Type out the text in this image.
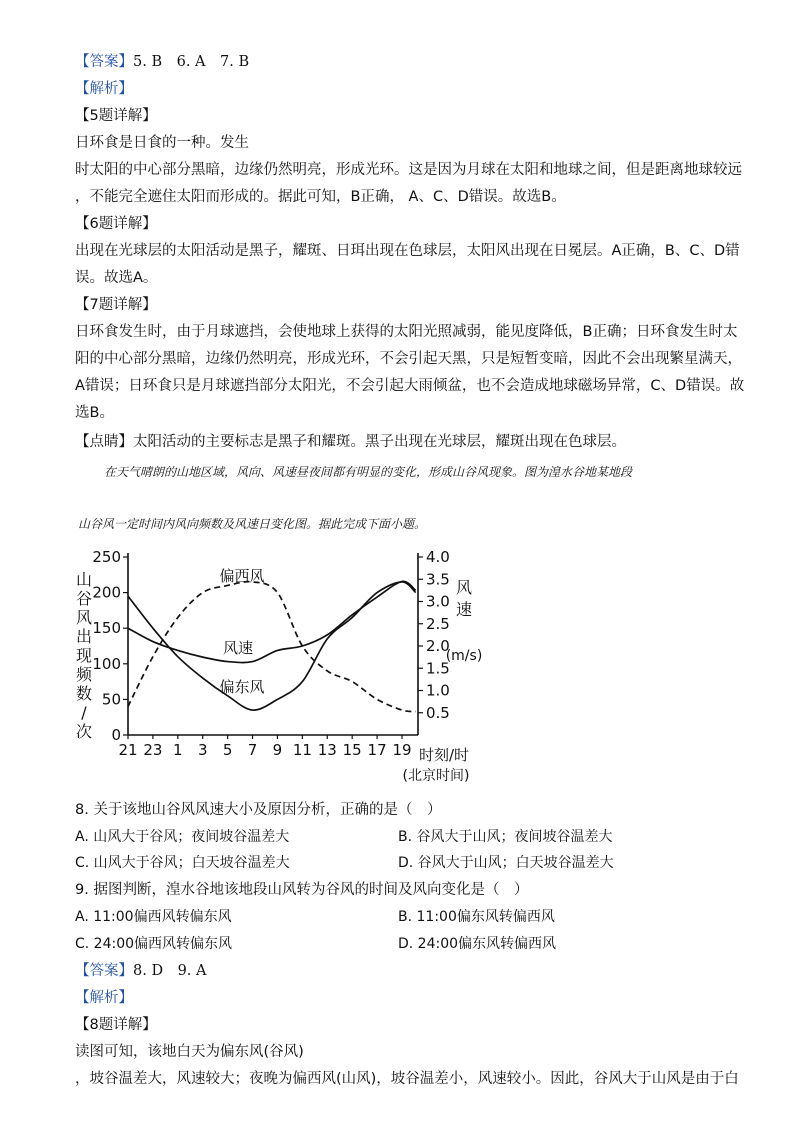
【答案】5. B　6. A　7. B
【解析】
【5题详解】
日环食是日食的一种。发生
时太阳的中心部分黑暗，边缘仍然明亮，形成光环。这是因为月球在太阳和地球之间，但是距离地球较远
，不能完全遮住太阳而形成的。据此可知，B正确， A、C、D错误。故选B。
【6题详解】
出现在光球层的太阳活动是黑子，耀斑、日珥出现在色球层，太阳风出现在日冕层。A正确，B、C、D错
误。故选A。
【7题详解】
日环食发生时，由于月球遮挡，会使地球上获得的太阳光照减弱，能见度降低，B正确；日环食发生时太
阳的中心部分黑暗，边缘仍然明亮，形成光环，不会引起天黑，只是短暂变暗，因此不会出现繁星满天，
A错误；日环食只是月球遮挡部分太阳光，不会引起大雨倾盆，也不会造成地球磁场异常，C、D错误。故
选B。
【点睛】太阳活动的主要标志是黑子和耀斑。黑子出现在光球层，耀斑出现在色球层。
在天气晴朗的山地区域，风向、风速昼夜间都有明显的变化，形成山谷风现象。图为湟水谷地某地段
山谷风一定时间内风向频数及风速日变化图。据此完成下面小题。
0
50
100
150
200
250
0.5
1.0
1.5
2.0
2.5
3.0
3.5
4.0
21 23 1 3 5 7 9 11 13 15 17 19
山
谷
风
出
现
频
数
/
次
风
速
(m/s)
时刻/时
(北京时间)
偏西风
风速
偏东风
8. 关于该地山谷风风速大小及原因分析，正确的是（　）
A. 山风大于谷风；夜间坡谷温差大	B. 谷风大于山风；夜间坡谷温差大
C. 山风大于谷风；白天坡谷温差大	D. 谷风大于山风；白天坡谷温差大
9. 据图判断，湟水谷地该地段山风转为谷风的时间及风向变化是（　）
A. 11:00偏西风转偏东风	B. 11:00偏东风转偏西风
C. 24:00偏西风转偏东风	D. 24:00偏东风转偏西风
【答案】8. D　9. A
【解析】
【8题详解】
读图可知，该地白天为偏东风(谷风)
，坡谷温差大，风速较大；夜晚为偏西风(山风)，坡谷温差小，风速较小。因此，谷风大于山风是由于白
